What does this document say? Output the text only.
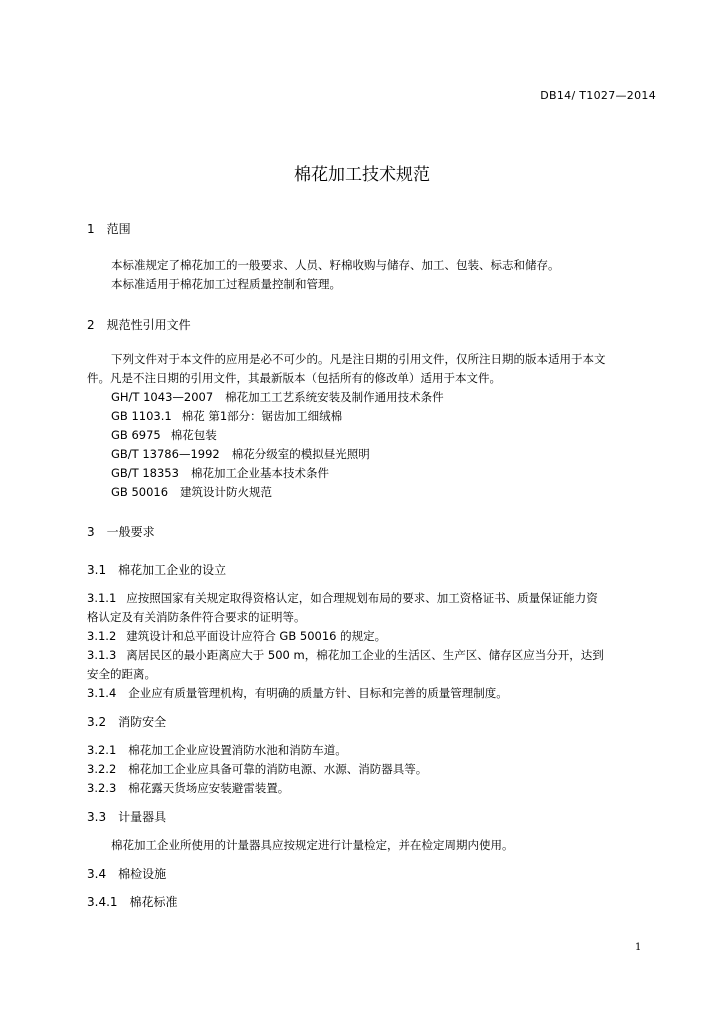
DB14/ T1027—2014
棉花加工技术规范
1 范围
本标准规定了棉花加工的一般要求、人员、籽棉收购与储存、加工、包装、标志和储存。
本标准适用于棉花加工过程质量控制和管理。
2 规范性引用文件
下列文件对于本文件的应用是必不可少的。凡是注日期的引用文件，仅所注日期的版本适用于本文
件。凡是不注日期的引用文件，其最新版本（包括所有的修改单）适用于本文件。
GH/T 1043—2007 棉花加工工艺系统安装及制作通用技术条件
GB 1103.1 棉花 第1部分：锯齿加工细绒棉
GB 6975 棉花包装
GB/T 13786—1992 棉花分级室的模拟昼光照明
GB/T 18353 棉花加工企业基本技术条件
GB 50016 建筑设计防火规范
3 一般要求
3.1 棉花加工企业的设立
3.1.1 应按照国家有关规定取得资格认定，如合理规划布局的要求、加工资格证书、质量保证能力资
格认定及有关消防条件符合要求的证明等。
3.1.2 建筑设计和总平面设计应符合 GB 50016 的规定。
3.1.3 离居民区的最小距离应大于 500 m，棉花加工企业的生活区、生产区、储存区应当分开，达到
安全的距离。
3.1.4 企业应有质量管理机构，有明确的质量方针、目标和完善的质量管理制度。
3.2 消防安全
3.2.1 棉花加工企业应设置消防水池和消防车道。
3.2.2 棉花加工企业应具备可靠的消防电源、水源、消防器具等。
3.2.3 棉花露天货场应安装避雷装置。
3.3 计量器具
棉花加工企业所使用的计量器具应按规定进行计量检定，并在检定周期内使用。
3.4 棉检设施
3.4.1 棉花标准
1
